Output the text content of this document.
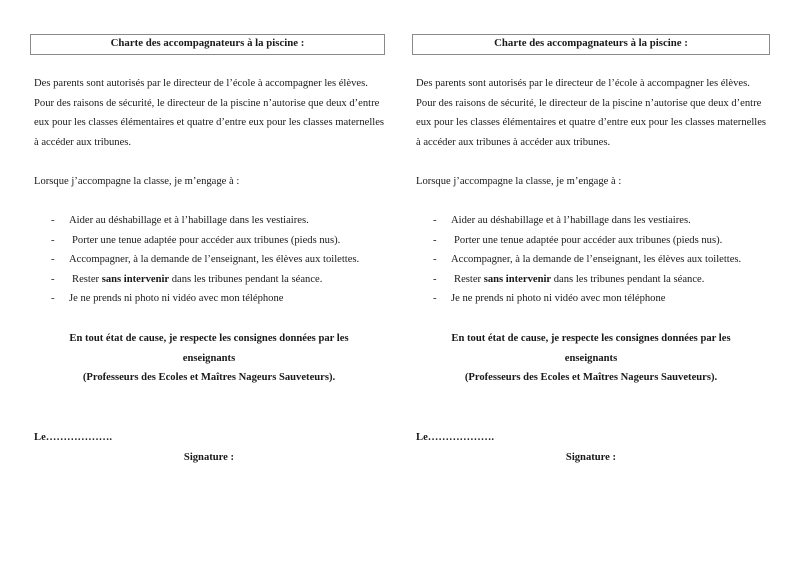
Charte des accompagnateurs à la piscine :

Des parents sont autorisés par le directeur de l’école à accompagner les élèves. Pour des raisons de sécurité, le directeur de la piscine n’autorise que deux d’entre eux pour les classes élémentaires et quatre d’entre eux pour les classes maternelles à accéder aux tribunes.

Lorsque j’accompagne la classe, je m’engage à :

- Aider au déshabillage et à l’habillage dans les vestiaires.
- Porter une tenue adaptée pour accéder aux tribunes (pieds nus).
- Accompagner, à la demande de l’enseignant, les élèves aux toilettes.
- Rester sans intervenir dans les tribunes pendant la séance.
- Je ne prends ni photo ni vidéo avec mon téléphone

En tout état de cause, je respecte les consignes données par les
enseignants
(Professeurs des Ecoles et Maîtres Nageurs Sauveteurs).

Le……………….

Signature :

Charte des accompagnateurs à la piscine :

Des parents sont autorisés par le directeur de l’école à accompagner les élèves. Pour des raisons de sécurité, le directeur de la piscine n’autorise que deux d’entre eux pour les classes élémentaires et quatre d’entre eux pour les classes maternelles à accéder aux tribunes à accéder aux tribunes.

Lorsque j’accompagne la classe, je m’engage à :

- Aider au déshabillage et à l’habillage dans les vestiaires.
- Porter une tenue adaptée pour accéder aux tribunes (pieds nus).
- Accompagner, à la demande de l’enseignant, les élèves aux toilettes.
- Rester sans intervenir dans les tribunes pendant la séance.
- Je ne prends ni photo ni vidéo avec mon téléphone

En tout état de cause, je respecte les consignes données par les
enseignants
(Professeurs des Ecoles et Maîtres Nageurs Sauveteurs).

Le……………….

Signature :
